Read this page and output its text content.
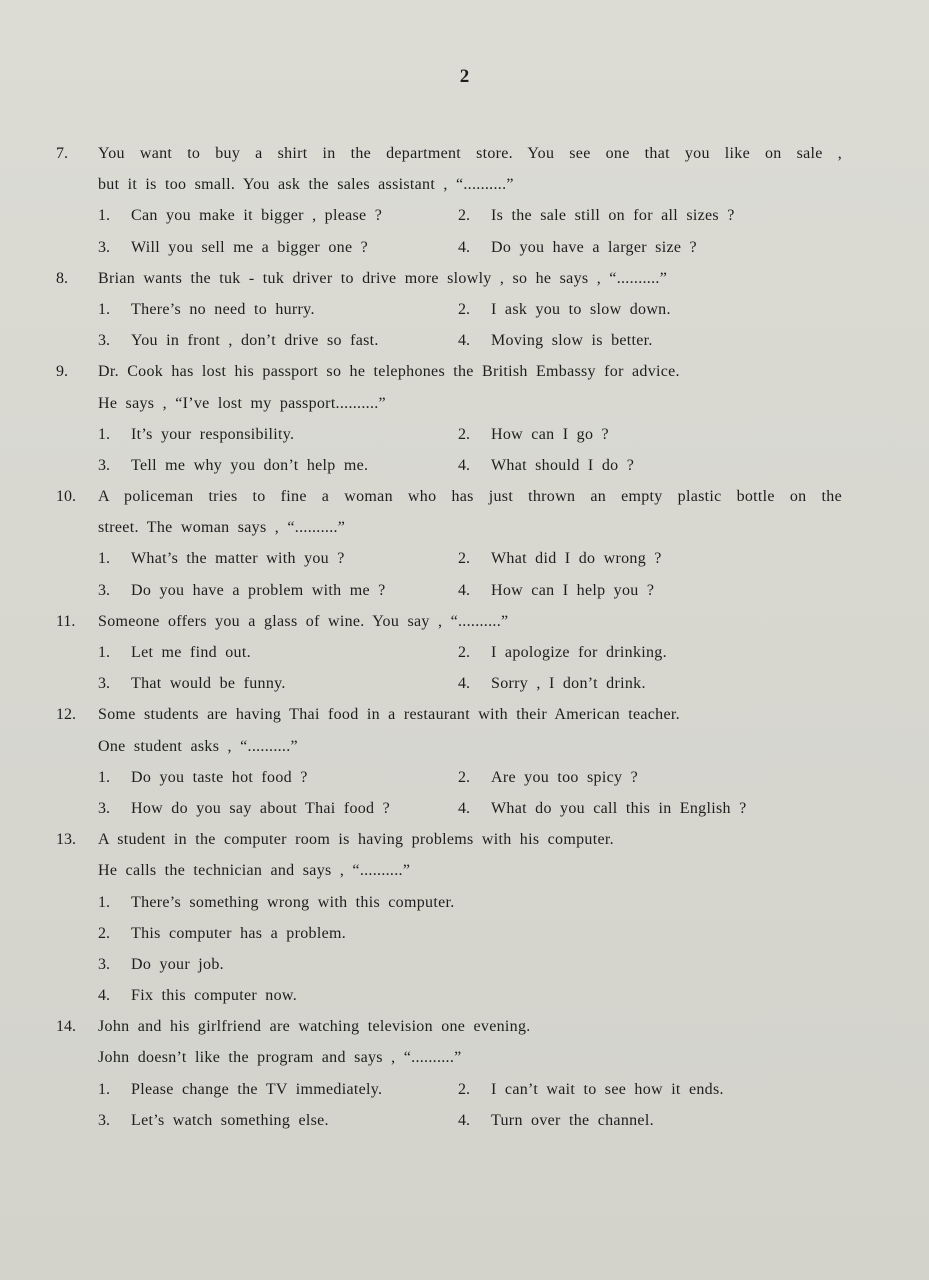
2
7. You want to buy a shirt in the department store. You see one that you like on sale ,
but it is too small. You ask the sales assistant , “..........”
1. Can you make it bigger , please ?	2. Is the sale still on for all sizes ?
3. Will you sell me a bigger one ?	4. Do you have a larger size ?
8. Brian wants the tuk - tuk driver to drive more slowly , so he says , “..........”
1. There’s no need to hurry.	2. I ask you to slow down.
3. You in front , don’t drive so fast.	4. Moving slow is better.
9. Dr. Cook has lost his passport so he telephones the British Embassy for advice.
He says , “I’ve lost my passport..........”
1. It’s your responsibility.	2. How can I go ?
3. Tell me why you don’t help me.	4. What should I do ?
10. A policeman tries to fine a woman who has just thrown an empty plastic bottle on the
street. The woman says , “..........”
1. What’s the matter with you ?	2. What did I do wrong ?
3. Do you have a problem with me ?	4. How can I help you ?
11. Someone offers you a glass of wine. You say , “..........”
1. Let me find out.	2. I apologize for drinking.
3. That would be funny.	4. Sorry , I don’t drink.
12. Some students are having Thai food in a restaurant with their American teacher.
One student asks , “..........”
1. Do you taste hot food ?	2. Are you too spicy ?
3. How do you say about Thai food ?	4. What do you call this in English ?
13. A student in the computer room is having problems with his computer.
He calls the technician and says , “..........”
1. There’s something wrong with this computer.
2. This computer has a problem.
3. Do your job.
4. Fix this computer now.
14. John and his girlfriend are watching television one evening.
John doesn’t like the program and says , “..........”
1. Please change the TV immediately.	2. I can’t wait to see how it ends.
3. Let’s watch something else.	4. Turn over the channel.
